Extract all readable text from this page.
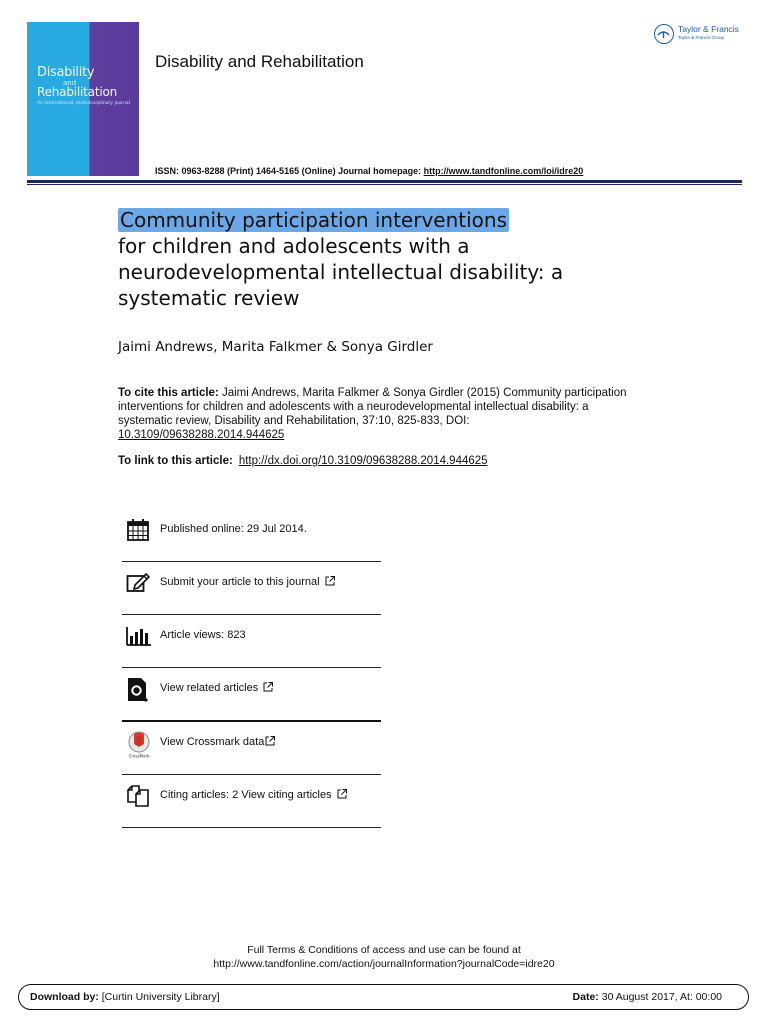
Disability
and
Rehabilitation
An international, multidisciplinary journal
Disability and Rehabilitation
Taylor & Francis
Taylor & Francis Group
ISSN: 0963-8288 (Print) 1464-5165 (Online) Journal homepage: http://www.tandfonline.com/loi/idre20
Community participation interventions
for children and adolescents with a
neurodevelopmental intellectual disability: a
systematic review
Jaimi Andrews, Marita Falkmer & Sonya Girdler
To cite this article: Jaimi Andrews, Marita Falkmer & Sonya Girdler (2015) Community participation interventions for children and adolescents with a neurodevelopmental intellectual disability: a systematic review, Disability and Rehabilitation, 37:10, 825-833, DOI: 10.3109/09638288.2014.944625
To link to this article: http://dx.doi.org/10.3109/09638288.2014.944625
Published online: 29 Jul 2014.
Submit your article to this journal
Article views: 823
View related articles
CrossMark
View Crossmark data
Citing articles: 2 View citing articles
Full Terms & Conditions of access and use can be found at
http://www.tandfonline.com/action/journalInformation?journalCode=idre20
Download by: [Curtin University Library]	Date: 30 August 2017, At: 00:00
